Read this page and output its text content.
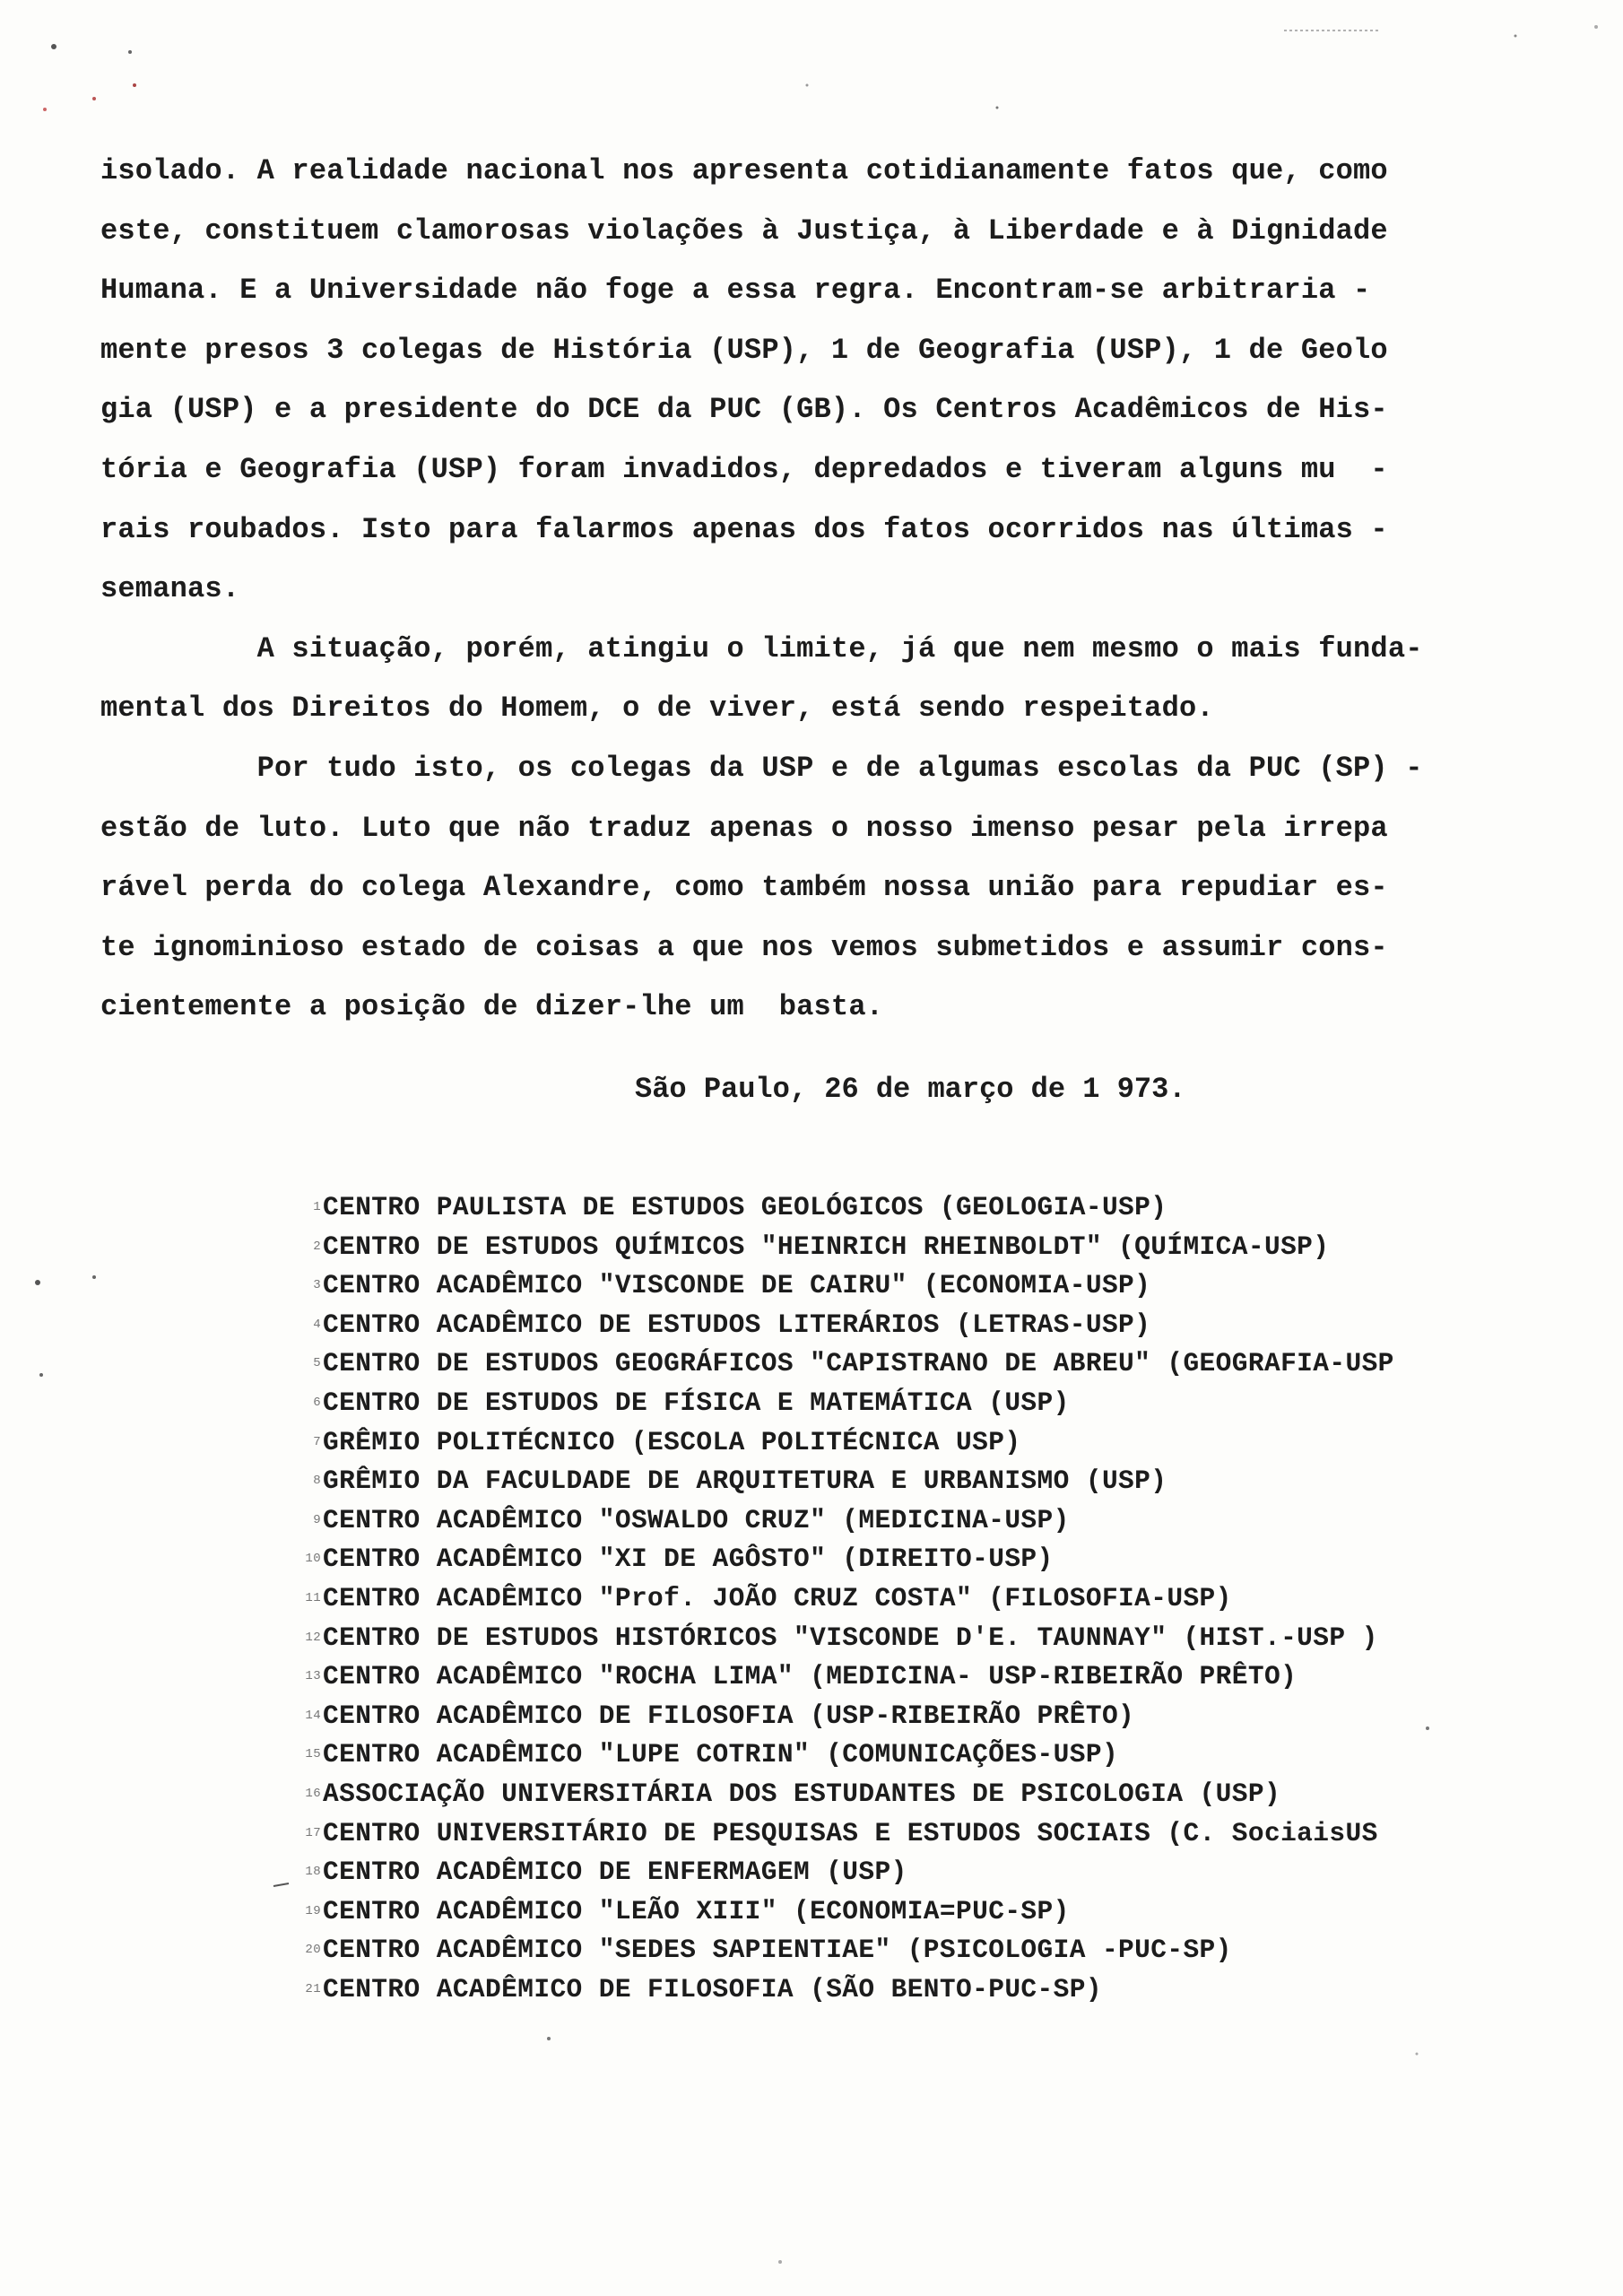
isolado. A realidade nacional nos apresenta cotidianamente fatos que, como
este, constituem clamorosas violações à Justiça, à Liberdade e à Dignidade
Humana. E a Universidade não foge a essa regra. Encontram-se arbitraria -
mente presos 3 colegas de História (USP), 1 de Geografia (USP), 1 de Geolo
gia (USP) e a presidente do DCE da PUC (GB). Os Centros Acadêmicos de His-
tória e Geografia (USP) foram invadidos, depredados e tiveram alguns mu  -
rais roubados. Isto para falarmos apenas dos fatos ocorridos nas últimas -
semanas.
A situação, porém, atingiu o limite, já que nem mesmo o mais funda-
mental dos Direitos do Homem, o de viver, está sendo respeitado.
Por tudo isto, os colegas da USP e de algumas escolas da PUC (SP) -
estão de luto. Luto que não traduz apenas o nosso imenso pesar pela irrepa
rável perda do colega Alexandre, como também nossa união para repudiar es-
te ignominioso estado de coisas a que nos vemos submetidos e assumir cons-
cientemente a posição de dizer-lhe um  basta.
São Paulo, 26 de março de 1 973.
1 CENTRO PAULISTA DE ESTUDOS GEOLÓGICOS (GEOLOGIA-USP)
2 CENTRO DE ESTUDOS QUÍMICOS "HEINRICH RHEINBOLDT" (QUÍMICA-USP)
3 CENTRO ACADÊMICO "VISCONDE DE CAIRU" (ECONOMIA-USP)
4 CENTRO ACADÊMICO DE ESTUDOS LITERÁRIOS (LETRAS-USP)
5 CENTRO DE ESTUDOS GEOGRÁFICOS "CAPISTRANO DE ABREU" (GEOGRAFIA-USP
6 CENTRO DE ESTUDOS DE FÍSICA E MATEMÁTICA (USP)
7 GRÊMIO POLITÉCNICO (ESCOLA POLITÉCNICA USP)
8 GRÊMIO DA FACULDADE DE ARQUITETURA E URBANISMO (USP)
9 CENTRO ACADÊMICO "OSWALDO CRUZ" (MEDICINA-USP)
10 CENTRO ACADÊMICO "XI DE AGÔSTO" (DIREITO-USP)
11 CENTRO ACADÊMICO "Prof. JOÃO CRUZ COSTA" (FILOSOFIA-USP)
12 CENTRO DE ESTUDOS HISTÓRICOS "VISCONDE D'E. TAUNNAY" (HIST.-USP )
13 CENTRO ACADÊMICO "ROCHA LIMA" (MEDICINA- USP-RIBEIRÃO PRÊTO)
14 CENTRO ACADÊMICO DE FILOSOFIA (USP-RIBEIRÃO PRÊTO)
15 CENTRO ACADÊMICO "LUPE COTRIN" (COMUNICAÇÕES-USP)
16 ASSOCIAÇÃO UNIVERSITÁRIA DOS ESTUDANTES DE PSICOLOGIA (USP)
17 CENTRO UNIVERSITÁRIO DE PESQUISAS E ESTUDOS SOCIAIS (C. SociaisUS
18 CENTRO ACADÊMICO DE ENFERMAGEM (USP)
19 CENTRO ACADÊMICO "LEÃO XIII" (ECONOMIA=PUC-SP)
20 CENTRO ACADÊMICO "SEDES SAPIENTIAE" (PSICOLOGIA -PUC-SP)
21 CENTRO ACADÊMICO DE FILOSOFIA (SÃO BENTO-PUC-SP)
